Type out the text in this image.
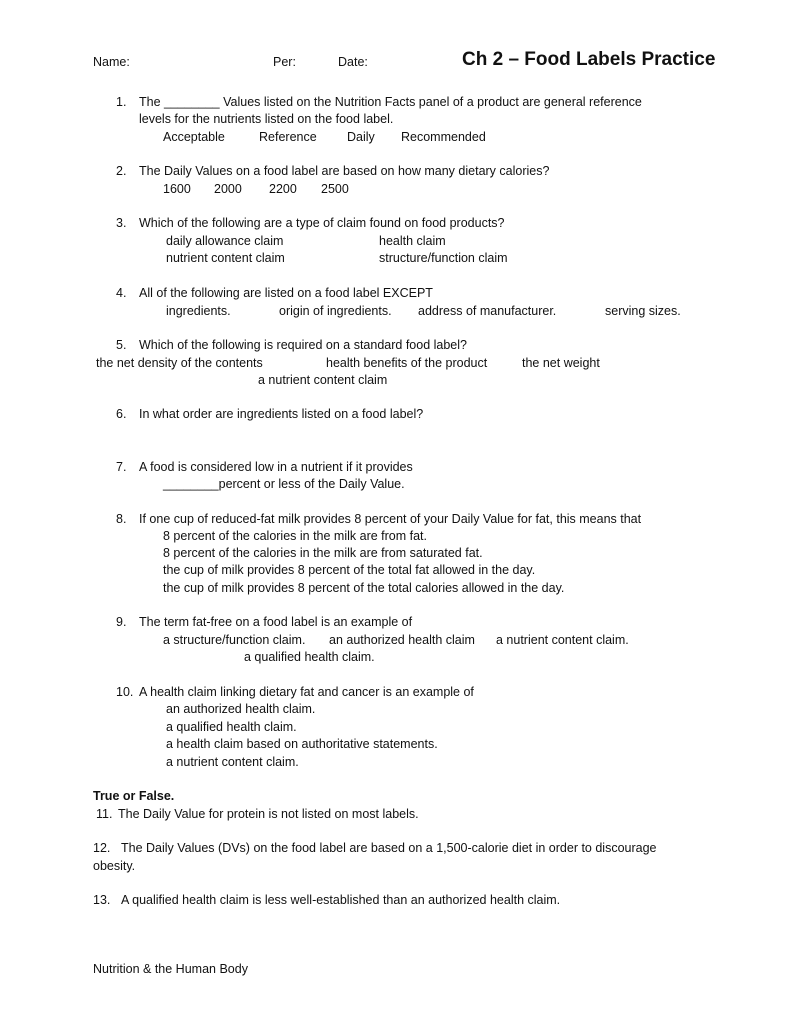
Name:	Per:	Date:	Ch 2 – Food Labels Practice
1. The ________ Values listed on the Nutrition Facts panel of a product are general reference
levels for the nutrients listed on the food label.
Acceptable	Reference Daily Recommended
2. The Daily Values on a food label are based on how many dietary calories?
1600 2000 2200 2500
3. Which of the following are a type of claim found on food products?
daily allowance claim	health claim
nutrient content claim	structure/function claim
4. All of the following are listed on a food label EXCEPT
ingredients.	origin of ingredients. address of manufacturer.	serving sizes.
5. Which of the following is required on a standard food label?
the net density of the contents	health benefits of the product	the net weight
a nutrient content claim
6. In what order are ingredients listed on a food label?
7. A food is considered low in a nutrient if it provides
________percent or less of the Daily Value.
8. If one cup of reduced-fat milk provides 8 percent of your Daily Value for fat, this means that
8 percent of the calories in the milk are from fat.
8 percent of the calories in the milk are from saturated fat.
the cup of milk provides 8 percent of the total fat allowed in the day.
the cup of milk provides 8 percent of the total calories allowed in the day.
9. The term fat-free on a food label is an example of
a structure/function claim. an authorized health claim a nutrient content claim.
a qualified health claim.
10. A health claim linking dietary fat and cancer is an example of
an authorized health claim.
a qualified health claim.
a health claim based on authoritative statements.
a nutrient content claim.
True or False.
11. The Daily Value for protein is not listed on most labels.
12. The Daily Values (DVs) on the food label are based on a 1,500-calorie diet in order to discourage
obesity.
13. A qualified health claim is less well-established than an authorized health claim.
Nutrition & the Human Body
